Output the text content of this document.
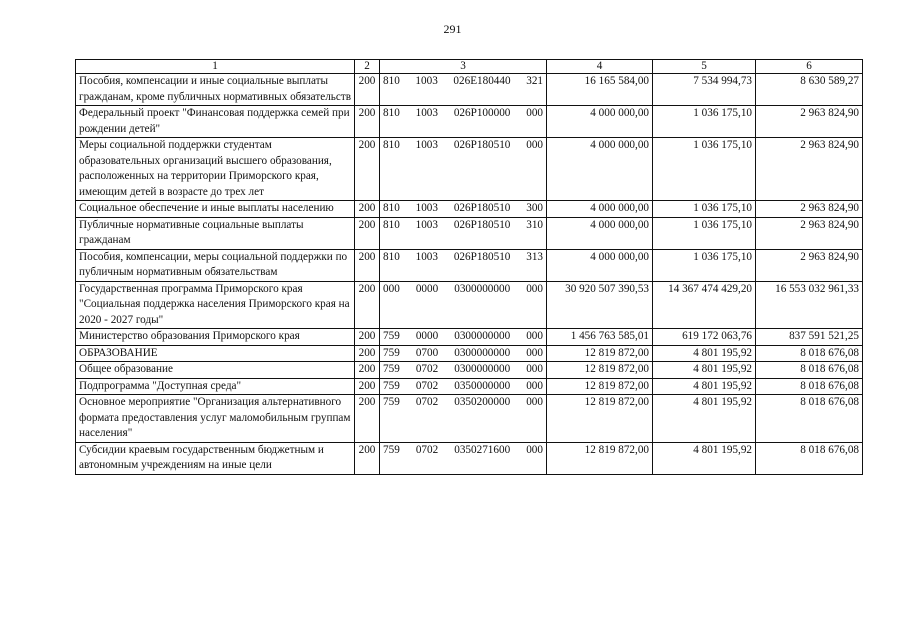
291
1	2	3	4	5	6
Пособия, компенсации и иные социальные выплаты гражданам, кроме публичных нормативных обязательств	200	810 1003 026Е180440 321	16 165 584,00	7 534 994,73	8 630 589,27
Федеральный проект "Финансовая поддержка семей при рождении детей"	200	810 1003 026Р100000 000	4 000 000,00	1 036 175,10	2 963 824,90
Меры социальной поддержки студентам образовательных организаций высшего образования, расположенных на территории Приморского края, имеющим детей в возрасте до трех лет	200	810 1003 026Р180510 000	4 000 000,00	1 036 175,10	2 963 824,90
Социальное обеспечение и иные выплаты населению	200	810 1003 026Р180510 300	4 000 000,00	1 036 175,10	2 963 824,90
Публичные нормативные социальные выплаты гражданам	200	810 1003 026Р180510 310	4 000 000,00	1 036 175,10	2 963 824,90
Пособия, компенсации, меры социальной поддержки по публичным нормативным обязательствам	200	810 1003 026Р180510 313	4 000 000,00	1 036 175,10	2 963 824,90
Государственная программа Приморского края "Социальная поддержка населения Приморского края на 2020 - 2027 годы"	200	000 0000 0300000000 000	30 920 507 390,53	14 367 474 429,20	16 553 032 961,33
Министерство образования Приморского края	200	759 0000 0300000000 000	1 456 763 585,01	619 172 063,76	837 591 521,25
ОБРАЗОВАНИЕ	200	759 0700 0300000000 000	12 819 872,00	4 801 195,92	8 018 676,08
Общее образование	200	759 0702 0300000000 000	12 819 872,00	4 801 195,92	8 018 676,08
Подпрограмма "Доступная среда"	200	759 0702 0350000000 000	12 819 872,00	4 801 195,92	8 018 676,08
Основное мероприятие "Организация альтернативного формата предоставления услуг маломобильным группам населения"	200	759 0702 0350200000 000	12 819 872,00	4 801 195,92	8 018 676,08
Субсидии краевым государственным бюджетным и автономным учреждениям на иные цели	200	759 0702 0350271600 000	12 819 872,00	4 801 195,92	8 018 676,08
